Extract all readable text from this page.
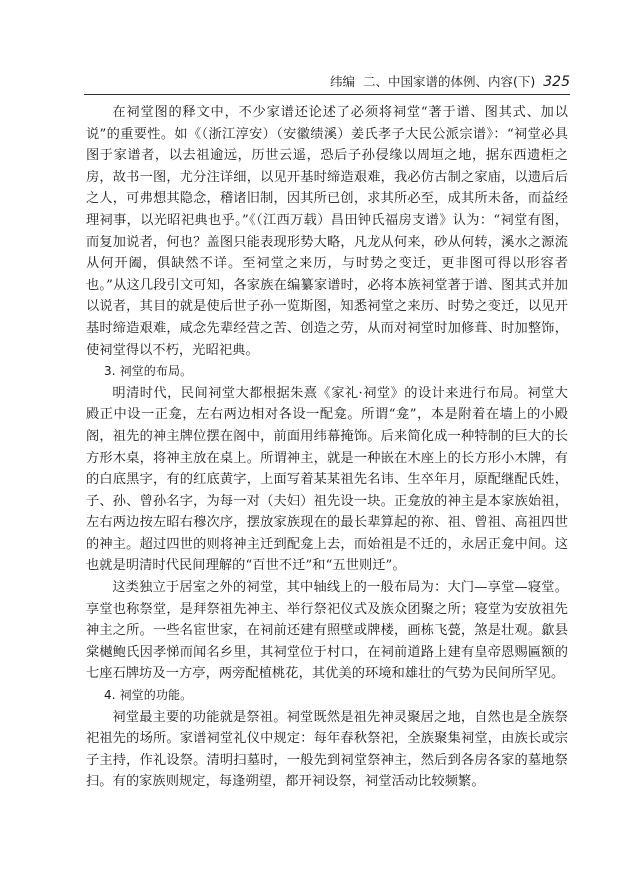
纬编 二、中国家谱的体例、内容(下) 325

在祠堂图的释文中，不少家谱还论述了必须将祠堂“著于谱、图其式、加以说”的重要性。如《（浙江淳安）（安徽绩溪）姜氏孝子大民公派宗谱》：“祠堂必具图于家谱者，以去祖逾远，历世云遥，恐后子孙侵缘以周垣之地，据东西遗柜之房，故书一图，尤分注详细，以见开基时缔造艰难，我必仿古制之家庙，以遗后后之人，可弗想其隐念，稽诸旧制，因其所已创，求其所必至，成其所未备，而益经理祠事，以光昭祀典也乎。”《（江西万载）昌田钟氏福房支谱》认为：“祠堂有图，而复加说者，何也？盖图只能表现形势大略，凡龙从何来，砂从何转，溪水之源流从何开阖，俱缺然不详。至祠堂之来历，与时势之变迁，更非图可得以形容者也。”从这几段引文可知，各家族在编纂家谱时，必将本族祠堂著于谱、图其式并加以说者，其目的就是使后世子孙一览斯图，知悉祠堂之来历、时势之变迁，以见开基时缔造艰难，咸念先辈经营之苦、创造之劳，从而对祠堂时加修葺、时加整饰，使祠堂得以不朽，光昭祀典。

3. 祠堂的布局。

明清时代，民间祠堂大都根据朱熹《家礼·祠堂》的设计来进行布局。祠堂大殿正中设一正龛，左右两边相对各设一配龛。所谓“龛”，本是附着在墙上的小殿阁，祖先的神主牌位摆在阁中，前面用纬幕掩饰。后来简化成一种特制的巨大的长方形木桌，将神主放在桌上。所谓神主，就是一种嵌在木座上的长方形小木牌，有的白底黑字，有的红底黄字，上面写着某某祖先名讳、生卒年月，原配继配氏姓，子、孙、曾孙名字，为每一对（夫妇）祖先设一块。正龛放的神主是本家族始祖，左右两边按左昭右穆次序，摆放家族现在的最长辈算起的祢、祖、曾祖、高祖四世的神主。超过四世的则将神主迁到配龛上去，而始祖是不迁的，永居正龛中间。这也就是明清时代民间理解的“百世不迁”和“五世则迁”。

这类独立于居室之外的祠堂，其中轴线上的一般布局为：大门—享堂—寝堂。享堂也称祭堂，是拜祭祖先神主、举行祭祀仪式及族众团聚之所；寝堂为安放祖先神主之所。一些名宦世家，在祠前还建有照壁或牌楼，画栋飞甍，煞是壮观。歙县棠樾鲍氏因孝悌而闻名乡里，其祠堂位于村口，在祠前道路上建有皇帝恩赐匾额的七座石牌坊及一方亭，两旁配植桃花，其优美的环境和雄壮的气势为民间所罕见。

4. 祠堂的功能。

祠堂最主要的功能就是祭祖。祠堂既然是祖先神灵聚居之地，自然也是全族祭祀祖先的场所。家谱祠堂礼仪中规定：每年春秋祭祀，全族聚集祠堂，由族长或宗子主持，作礼设祭。清明扫墓时，一般先到祠堂祭神主，然后到各房各家的墓地祭扫。有的家族则规定，每逢朔望，都开祠设祭，祠堂活动比较频繁。
